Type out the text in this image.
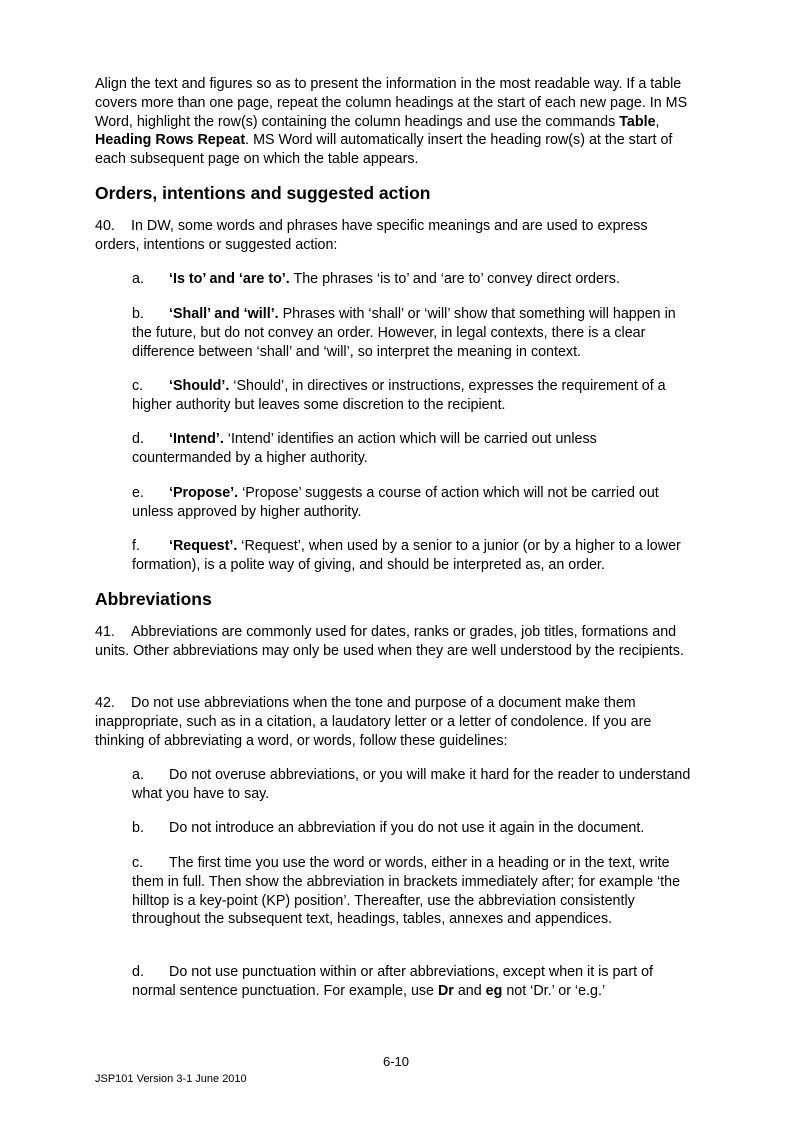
Align the text and figures so as to present the information in the most readable way. If a table covers more than one page, repeat the column headings at the start of each new page. In MS Word, highlight the row(s) containing the column headings and use the commands Table, Heading Rows Repeat. MS Word will automatically insert the heading row(s) at the start of each subsequent page on which the table appears.

Orders, intentions and suggested action

40. In DW, some words and phrases have specific meanings and are used to express orders, intentions or suggested action:

a. ‘Is to’ and ‘are to’. The phrases ‘is to’ and ‘are to’ convey direct orders.

b. ‘Shall’ and ‘will’. Phrases with ‘shall’ or ‘will’ show that something will happen in the future, but do not convey an order. However, in legal contexts, there is a clear difference between ‘shall’ and ‘will’, so interpret the meaning in context.

c. ‘Should’. ‘Should’, in directives or instructions, expresses the requirement of a higher authority but leaves some discretion to the recipient.

d. ‘Intend’. ‘Intend’ identifies an action which will be carried out unless countermanded by a higher authority.

e. ‘Propose’. ‘Propose’ suggests a course of action which will not be carried out unless approved by higher authority.

f. ‘Request’. ‘Request’, when used by a senior to a junior (or by a higher to a lower formation), is a polite way of giving, and should be interpreted as, an order.

Abbreviations

41. Abbreviations are commonly used for dates, ranks or grades, job titles, formations and units. Other abbreviations may only be used when they are well understood by the recipients.

42. Do not use abbreviations when the tone and purpose of a document make them inappropriate, such as in a citation, a laudatory letter or a letter of condolence. If you are thinking of abbreviating a word, or words, follow these guidelines:

a. Do not overuse abbreviations, or you will make it hard for the reader to understand what you have to say.

b. Do not introduce an abbreviation if you do not use it again in the document.

c. The first time you use the word or words, either in a heading or in the text, write them in full. Then show the abbreviation in brackets immediately after; for example ‘the hilltop is a key-point (KP) position’. Thereafter, use the abbreviation consistently throughout the subsequent text, headings, tables, annexes and appendices.

d. Do not use punctuation within or after abbreviations, except when it is part of normal sentence punctuation. For example, use Dr and eg not ‘Dr.’ or ‘e.g.’

6-10
JSP101 Version 3-1 June 2010
